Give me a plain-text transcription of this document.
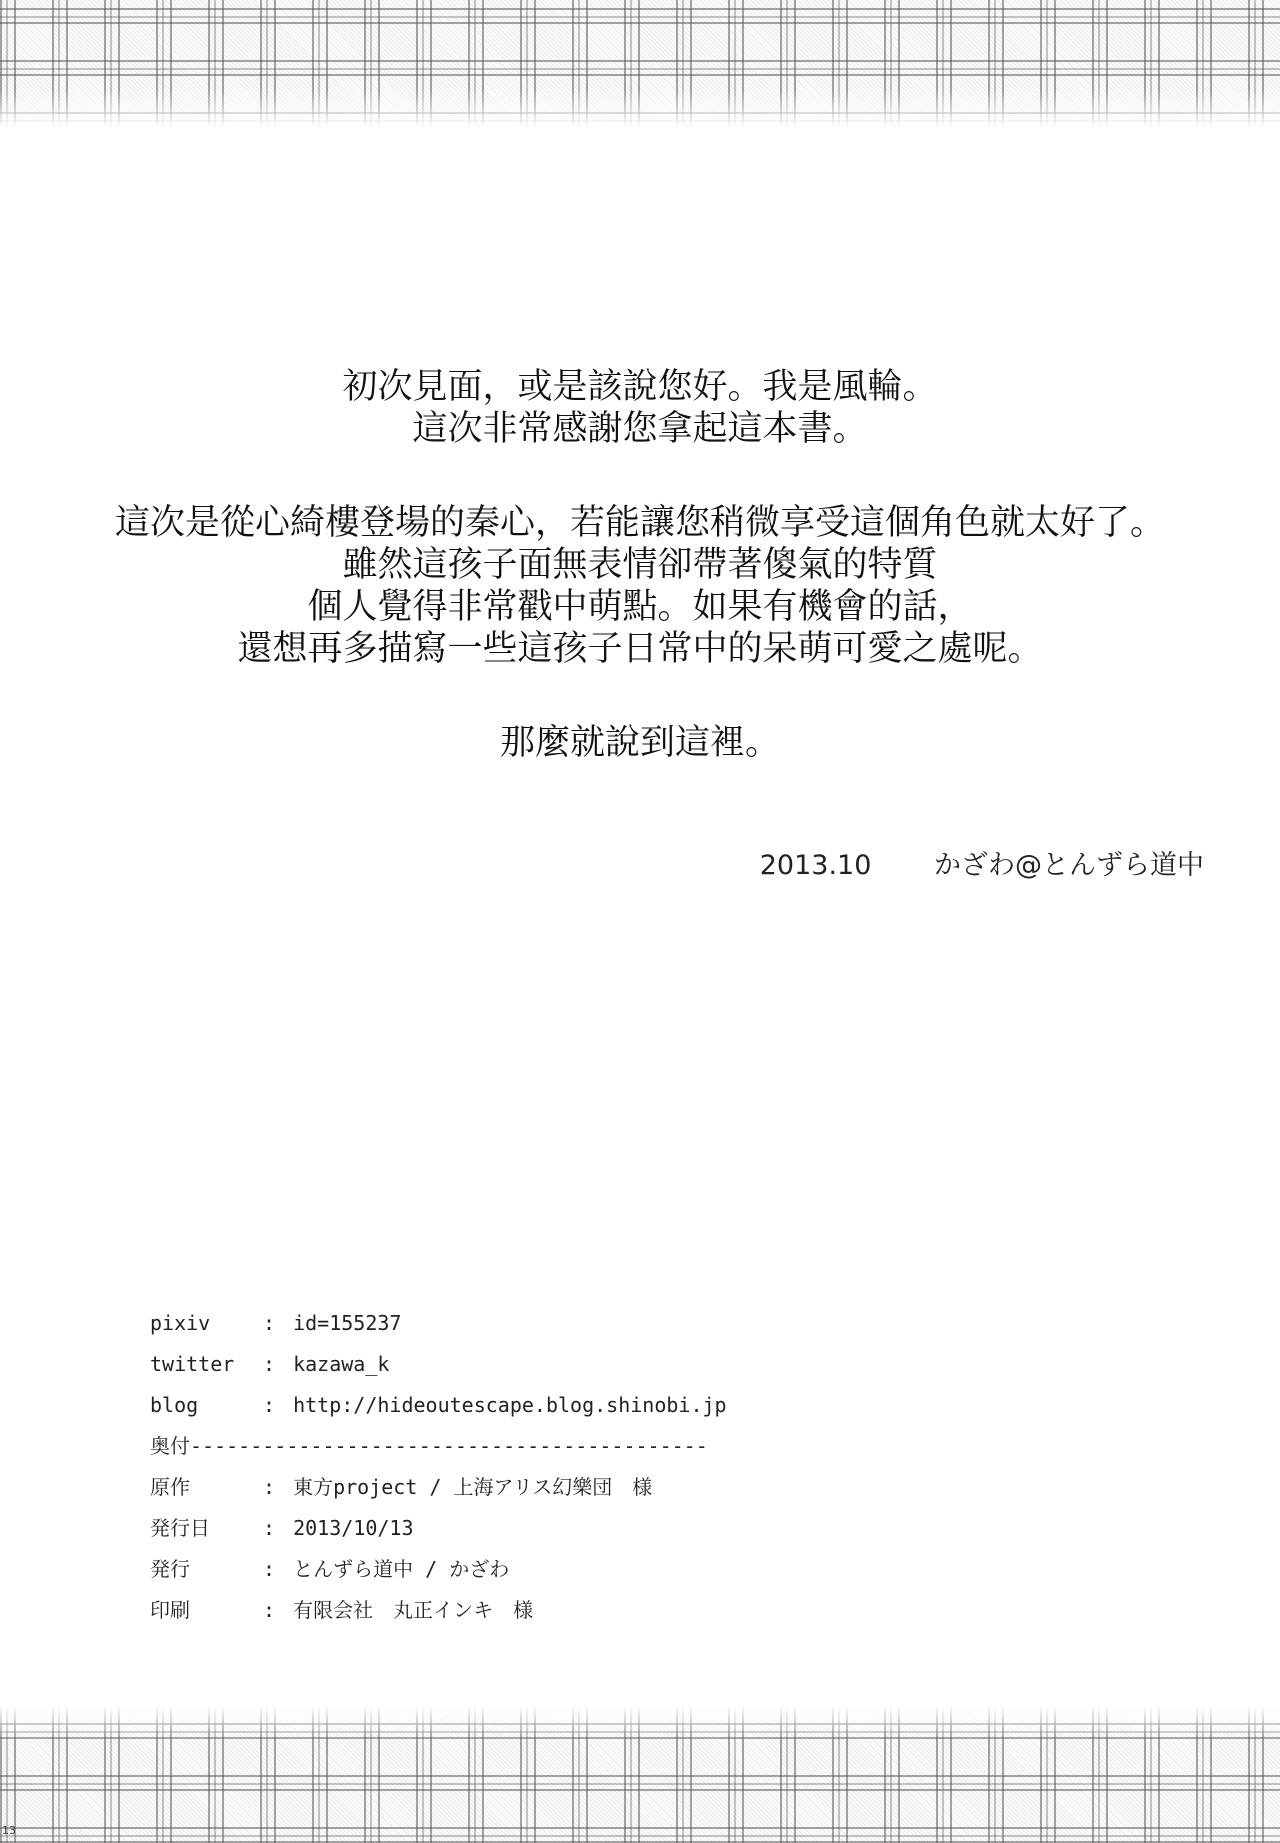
初次見面，或是該說您好。我是風輪。
這次非常感謝您拿起這本書。
這次是從心綺樓登場的秦心，若能讓您稍微享受這個角色就太好了。
雖然這孩子面無表情卻帶著傻氣的特質
個人覺得非常戳中萌點。如果有機會的話，
還想再多描寫一些這孩子日常中的呆萌可愛之處呢。
那麼就說到這裡。
2013.10 かざわ@とんずら道中
pixiv	: id=155237
twitter : kazawa_k
blog	: http://hideoutescape.blog.shinobi.jp
奥付-------------------------------------------
原作	: 東方project / 上海アリス幻樂団　様
発行日	: 2013/10/13
発行	: とんずら道中 / かざわ
印刷	: 有限会社　丸正インキ　様
13
